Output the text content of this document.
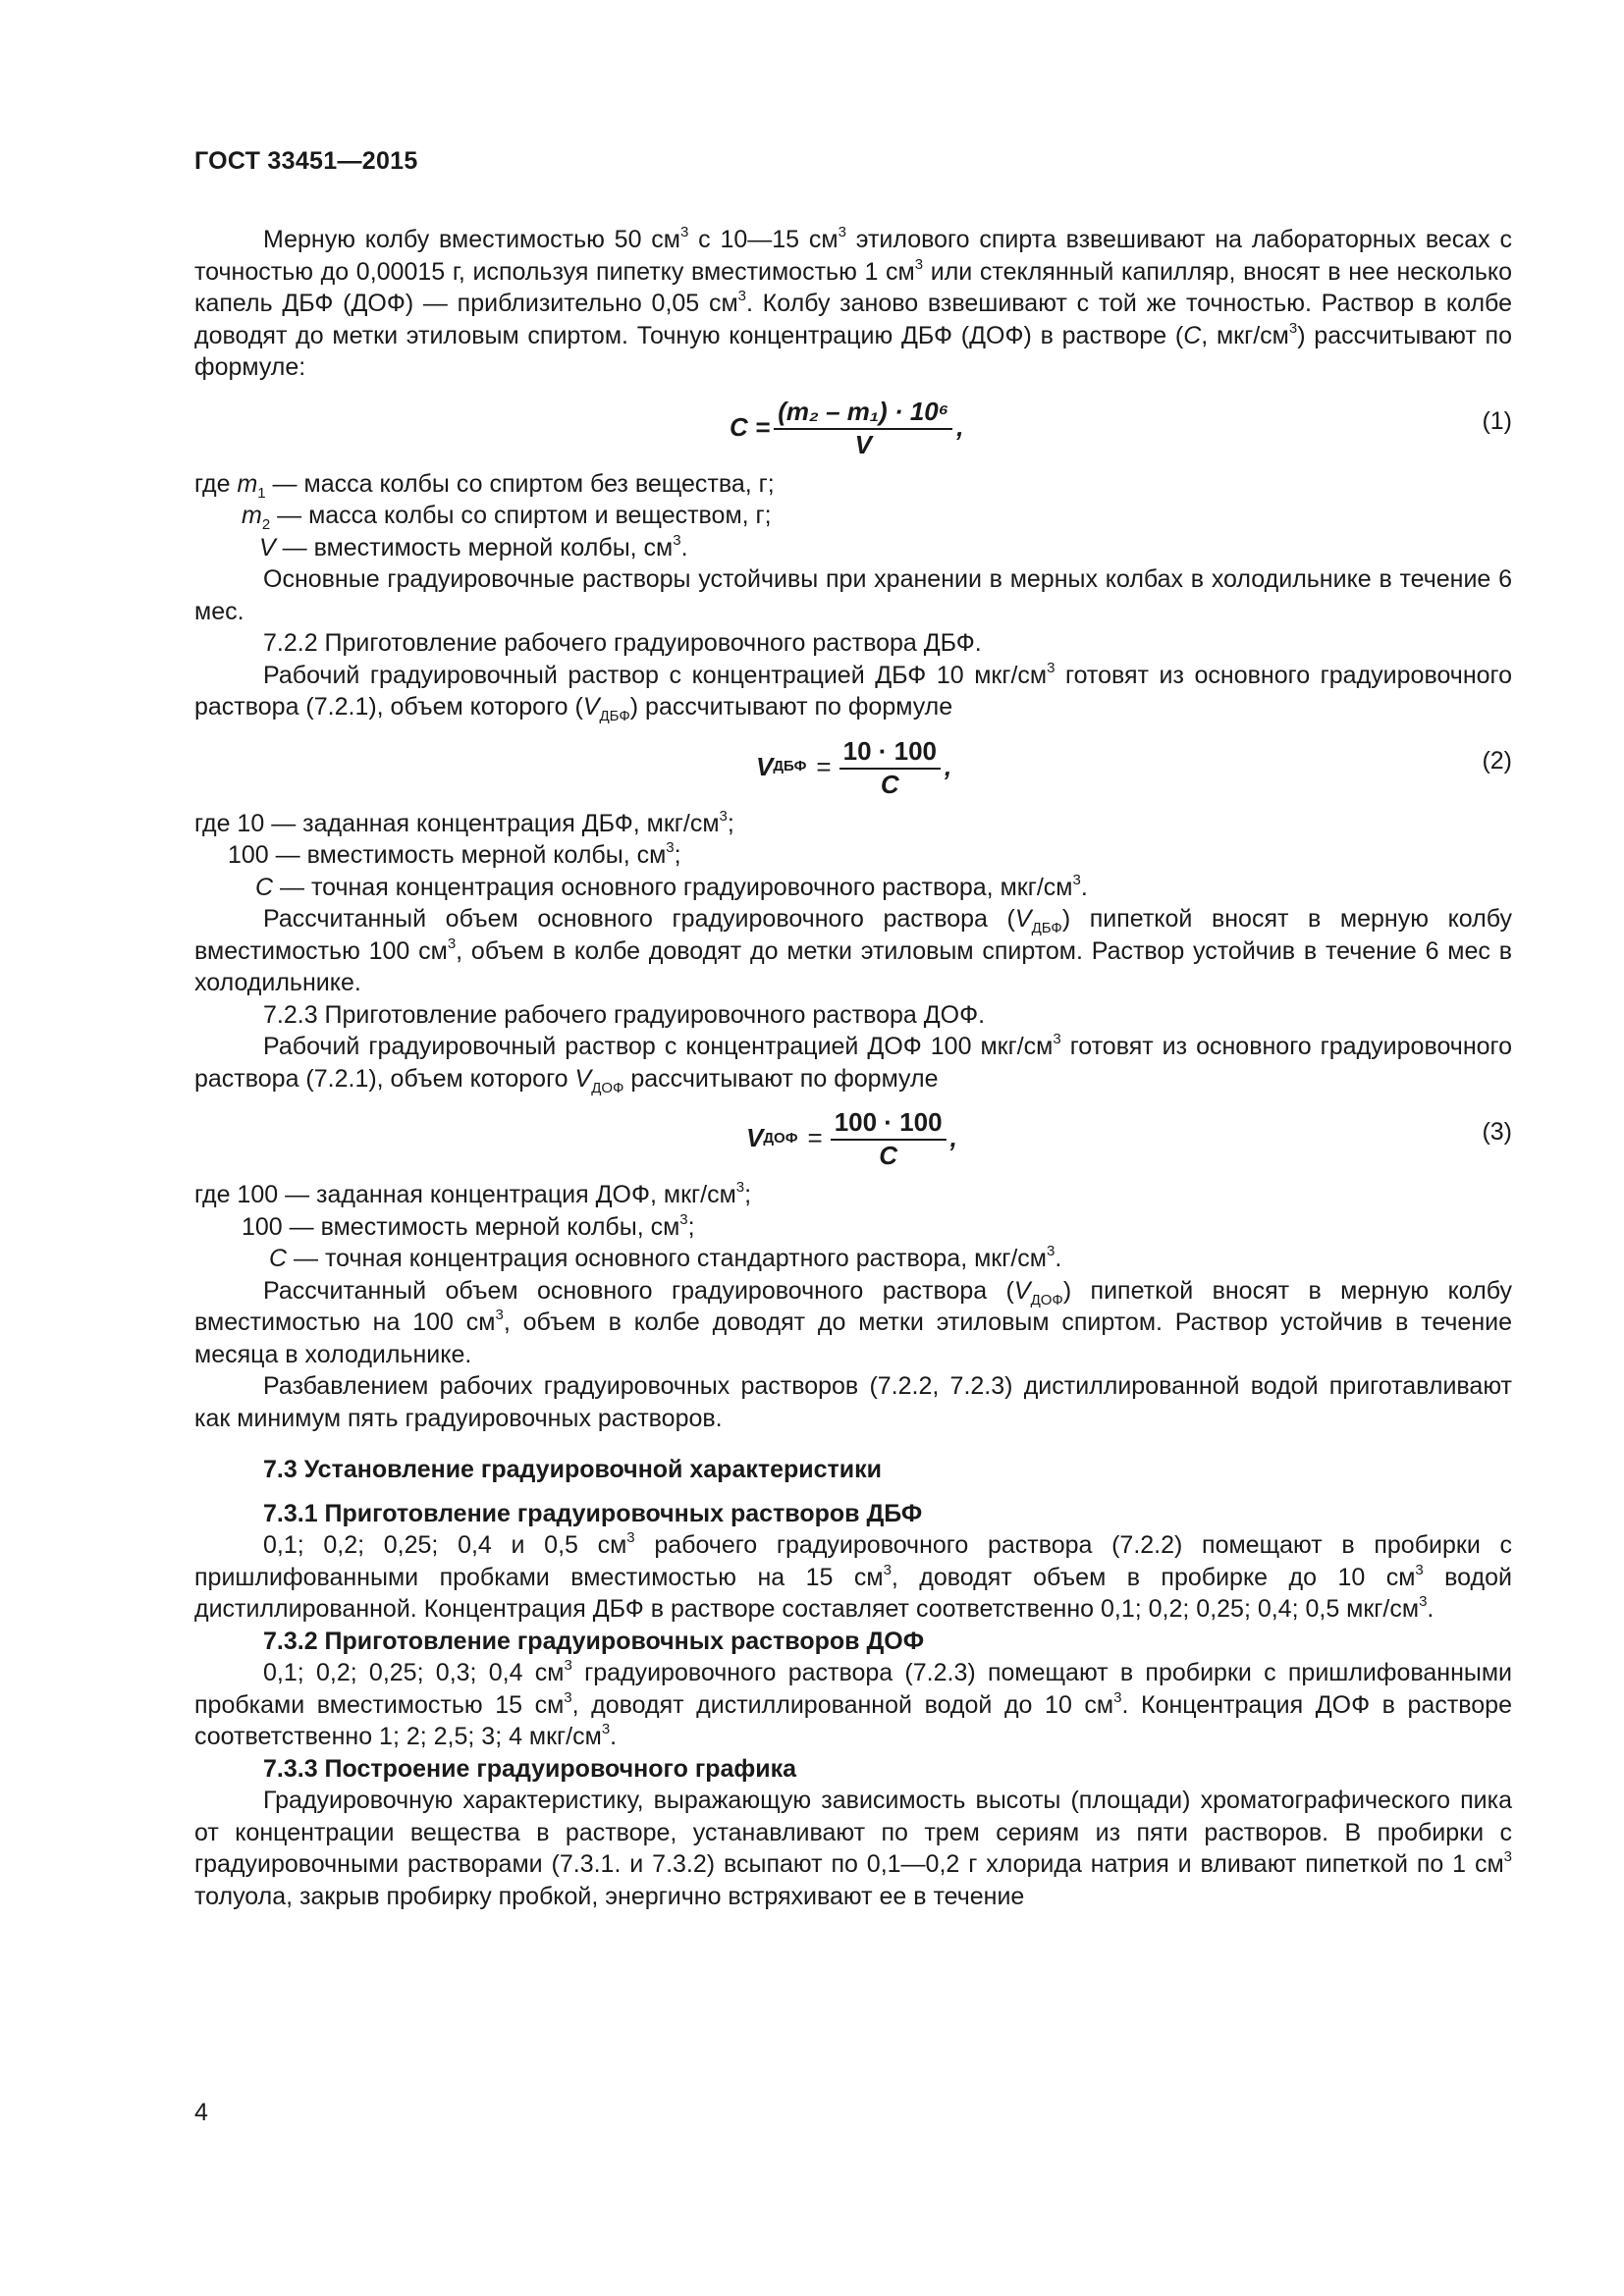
ГОСТ 33451—2015

Мерную колбу вместимостью 50 $см^3$ с 10—15 $см^3$ этилового спирта взвешивают на лабораторных весах с точностью до 0,00015 г, используя пипетку вместимостью 1 $см^3$ или стеклянный капилляр, вносят в нее несколько капель ДБФ (ДОФ) — приблизительно 0,05 $см^3$. Колбу заново взвешивают с той же точностью. Раствор в колбе доводят до метки этиловым спиртом. Точную концентрацию ДБФ (ДОФ) в растворе (С, мкг/$см^3$) рассчитывают по формуле:

$С = \frac{\text{(m₂ – m₁) · 10⁶}}{V}$ ,	(1)
где $m_1$ — масса колбы со спиртом без вещества, г;
$m_2$ — масса колбы со спиртом и веществом, г;
V — вместимость мерной колбы, $см^3$.

Основные градуировочные растворы устойчивы при хранении в мерных колбах в холодильнике в течение 6 мес.

7.2.2 Приготовление рабочего градуировочного раствора ДБФ.

Рабочий градуировочный раствор с концентрацией ДБФ 10 мкг/$см^3$ готовят из основного градуировочного раствора (7.2.1), объем которого $(V_{ДБФ})$ рассчитывают по формуле

V ДБФ = $\frac{10 \cdot 100}{C}$ ,	(2)
где 10 — заданная концентрация ДБФ, мкг/$см^3$;
100 — вместимость мерной колбы, $см^3$;
С — точная концентрация основного градуировочного раствора, мкг/$см^3$.

Рассчитанный объем основного градуировочного раствора $(V_{ДБФ})$ пипеткой вносят в мерную колбу вместимостью 100 $см^3$, объем в колбе доводят до метки этиловым спиртом. Раствор устойчив в течение 6 мес в холодильнике.

7.2.3 Приготовление рабочего градуировочного раствора ДОФ.

Рабочий градуировочный раствор с концентрацией ДОФ 100 мкг/$см^3$ готовят из основного градуировочного раствора (7.2.1), объем которого $V_{ДОФ}$ рассчитывают по формуле

V ДОФ = $\frac{100 \cdot 100}{C}$ ,	(3)
где 100 — заданная концентрация ДОФ, мкг/$см^3$;
100 — вместимость мерной колбы, $см^3$;
С — точная концентрация основного стандартного раствора, мкг/$см^3$.

Рассчитанный объем основного градуировочного раствора $(V_{ДОФ})$ пипеткой вносят в мерную колбу вместимостью на 100 $см^3$, объем в колбе доводят до метки этиловым спиртом. Раствор устойчив в течение месяца в холодильнике.

Разбавлением рабочих градуировочных растворов (7.2.2, 7.2.3) дистиллированной водой приготавливают как минимум пять градуировочных растворов.

7.3 Установление градуировочной характеристики

7.3.1 Приготовление градуировочных растворов ДБФ

0,1; 0,2; 0,25; 0,4 и 0,5 $см^3$ рабочего градуировочного раствора (7.2.2) помещают в пробирки с пришлифованными пробками вместимостью на 15 $см^3$, доводят объем в пробирке до 10 $см^3$ водой дистиллированной. Концентрация ДБФ в растворе составляет соответственно 0,1; 0,2; 0,25; 0,4; 0,5 мкг/$см^3$.

7.3.2 Приготовление градуировочных растворов ДОФ

0,1; 0,2; 0,25; 0,3; 0,4 $см^3$ градуировочного раствора (7.2.3) помещают в пробирки с пришлифованными пробками вместимостью 15 $см^3$, доводят дистиллированной водой до 10 $см^3$. Концентрация ДОФ в растворе соответственно 1; 2; 2,5; 3; 4 мкг/$см^3$.

7.3.3 Построение градуировочного графика

Градуировочную характеристику, выражающую зависимость высоты (площади) хроматографического пика от концентрации вещества в растворе, устанавливают по трем сериям из пяти растворов. В пробирки с градуировочными растворами (7.3.1. и 7.3.2) всыпают по 0,1—0,2 г хлорида натрия и вливают пипеткой по 1 $см^3$ толуола, закрыв пробирку пробкой, энергично встряхивают ее в течение

4
